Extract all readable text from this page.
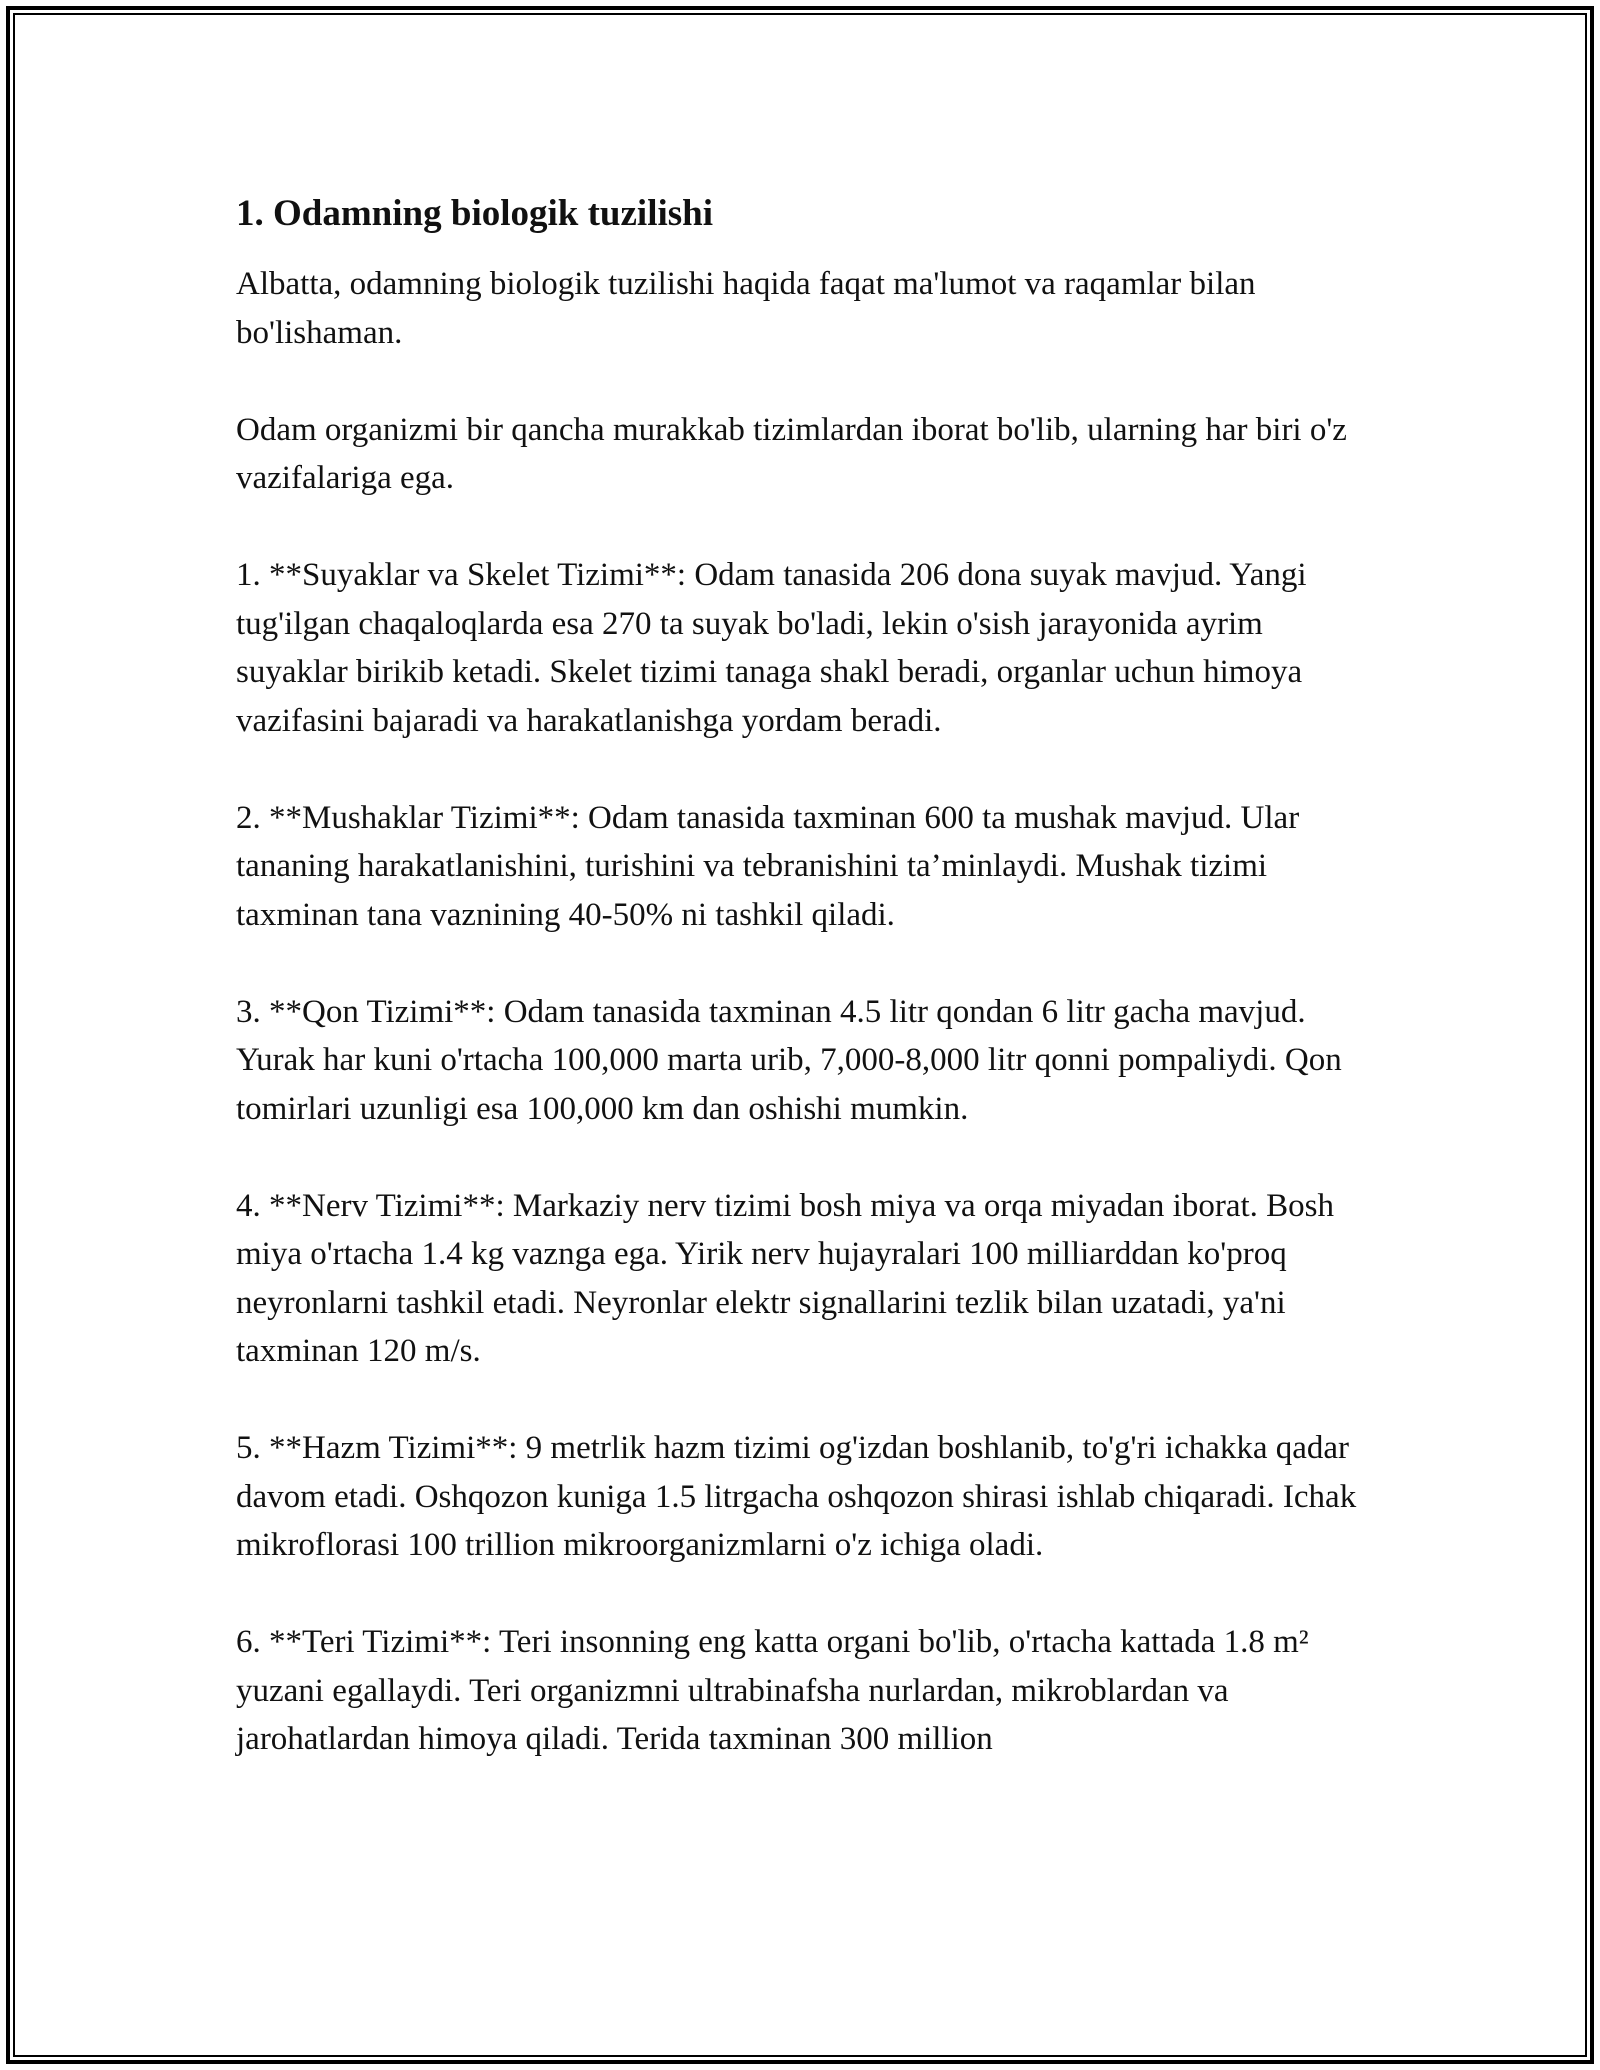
1. Odamning biologik tuzilishi

Albatta, odamning biologik tuzilishi haqida faqat ma'lumot va raqamlar bilan bo'lishaman.

Odam organizmi bir qancha murakkab tizimlardan iborat bo'lib, ularning har biri o'z vazifalariga ega.

1. **Suyaklar va Skelet Tizimi**: Odam tanasida 206 dona suyak mavjud. Yangi tug'ilgan chaqaloqlarda esa 270 ta suyak bo'ladi, lekin o'sish jarayonida ayrim suyaklar birikib ketadi. Skelet tizimi tanaga shakl beradi, organlar uchun himoya vazifasini bajaradi va harakatlanishga yordam beradi.

2. **Mushaklar Tizimi**: Odam tanasida taxminan 600 ta mushak mavjud. Ular tananing harakatlanishini, turishini va tebranishini ta’minlaydi. Mushak tizimi taxminan tana vaznining 40-50% ni tashkil qiladi.

3. **Qon Tizimi**: Odam tanasida taxminan 4.5 litr qondan 6 litr gacha mavjud. Yurak har kuni o'rtacha 100,000 marta urib, 7,000-8,000 litr qonni pompaliydi. Qon tomirlari uzunligi esa 100,000 km dan oshishi mumkin.

4. **Nerv Tizimi**: Markaziy nerv tizimi bosh miya va orqa miyadan iborat. Bosh miya o'rtacha 1.4 kg vaznga ega. Yirik nerv hujayralari 100 milliarddan ko'proq neyronlarni tashkil etadi. Neyronlar elektr signallarini tezlik bilan uzatadi, ya'ni taxminan 120 m/s.

5. **Hazm Tizimi**: 9 metrlik hazm tizimi og'izdan boshlanib, to'g'ri ichakka qadar davom etadi. Oshqozon kuniga 1.5 litrgacha oshqozon shirasi ishlab chiqaradi. Ichak mikroflorasi 100 trillion mikroorganizmlarni o'z ichiga oladi.

6. **Teri Tizimi**: Teri insonning eng katta organi bo'lib, o'rtacha kattada 1.8 m² yuzani egallaydi. Teri organizmni ultrabinafsha nurlardan, mikroblardan va jarohatlardan himoya qiladi. Terida taxminan 300 million
